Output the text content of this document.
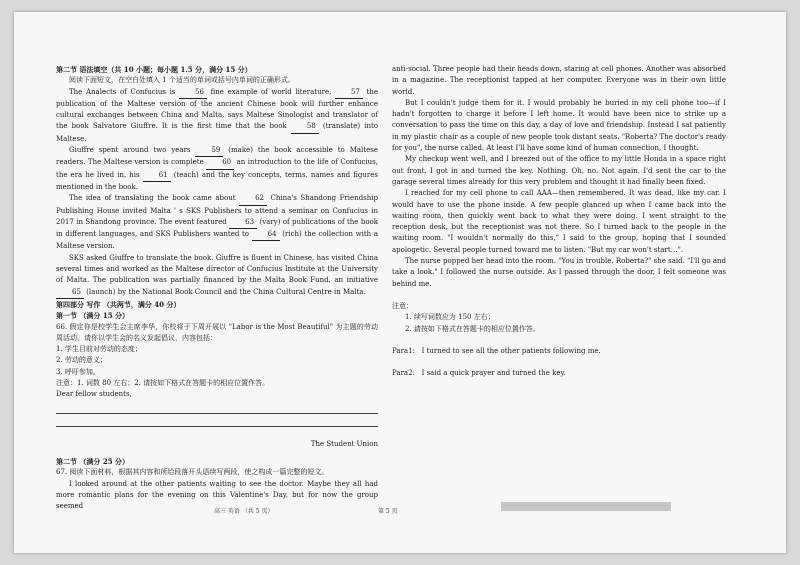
第二节 语法填空（共 10 小题；每小题 1.5 分，满分 15 分）

阅读下面短文，在空白处填入 1 个适当的单词或括号内单词的正确形式。

The Analects of Confucius is 56 fine example of world literature, 57 the publication of the Maltese version of the ancient Chinese book will further enhance cultural exchanges between China and Malta, says Maltese Sinologist and translator of the book Salvatore Giuffre. It is the first time that the book 58 (translate) into Maltese.

Giuffre spent around two years 59 (make) the book accessible to Maltese readers. The Maltese version is complete 60 an introduction to the life of Confucius, the era he lived in, his 61 (teach) and the key concepts, terms, names and figures mentioned in the book.

The idea of translating the book came about 62 China's Shandong Friendship Publishing House invited Malta ' s SKS Publishers to attend a seminar on Confucius in 2017 in Shandong province. The event featured 63 (vary) of publications of the book in different languages, and SKS Publishers wanted to 64 (rich) the collection with a Maltese version.

SKS asked Giuffre to translate the book. Giuffre is fluent in Chinese, has visited China several times and worked as the Maltese director of Confucius Institute at the University of Malta. The publication was partially financed by the Malta Book Fund, an initiative 65 (launch) by the National Book Council and the China Cultural Centre in Malta.

第四部分 写作 （共两节，满分 40 分）

第一节 （满分 15 分）

66. 假定你是校学生会主席李华，你校将于下周开展以 "Labor is the Most Beautiful" 为主题的劳动周活动，请你以学生会的名义发起倡议，内容包括：

1. 学生目前对劳动的态度；

2. 劳动的意义；

3. 呼吁参加。

注意：1. 词数 80 左右；2. 请按如下格式在答题卡的相应位置作答。

Dear fellow students,

The Student Union

第二节 （满分 25 分）

67. 阅读下面材料，根据其内容和所给段落开头语续写两段，使之构成一篇完整的短文。

I looked around at the other patients waiting to see the doctor. Maybe they all had more romantic plans for the evening on this Valentine's Day, but for now the group seemed

anti-social. Three people had their heads down, staring at cell phones. Another was absorbed in a magazine. The receptionist tapped at her computer. Everyone was in their own little world.

But I couldn't judge them for it. I would probably be buried in my cell phone too—if I hadn't forgotten to charge it before I left home. It would have been nice to strike up a conversation to pass the time on this day, a day of love and friendship. Instead I sat patiently in my plastic chair as a couple of new people took distant seats. "Roberta? The doctor's ready for you", the nurse called. At least I'll have some kind of human connection, I thought.

My checkup went well, and I breezed out of the office to my little Honda in a space right out front. I got in and turned the key. Nothing. Oh, no. Not again. I'd sent the car to the garage several times already for this very problem and thought it had finally been fixed.

I reached for my cell phone to call AAA—then remembered. It was dead, like my car. I would have to use the phone inside. A few people glanced up when I came back into the waiting room, then quickly went back to what they were doing. I went straight to the reception desk, but the receptionist was not there. So I turned back to the people in the waiting room. "I wouldn't normally do this," I said to the group, hoping that I sounded apologetic. Several people turned toward me to listen. "But my car won't start…".

The nurse popped her head into the room. "You in trouble, Roberta?" she said. "I'll go and take a look." I followed the nurse outside. As I passed through the door, I felt someone was behind me.

注意：

1. 续写词数应为 150 左右；

2. 请按如下格式在答题卡的相应位置作答。

Para1: I turned to see all the other patients following me.

Para2: I said a quick prayer and turned the key.

高三 英语 （共 5 页）	第 5 页
